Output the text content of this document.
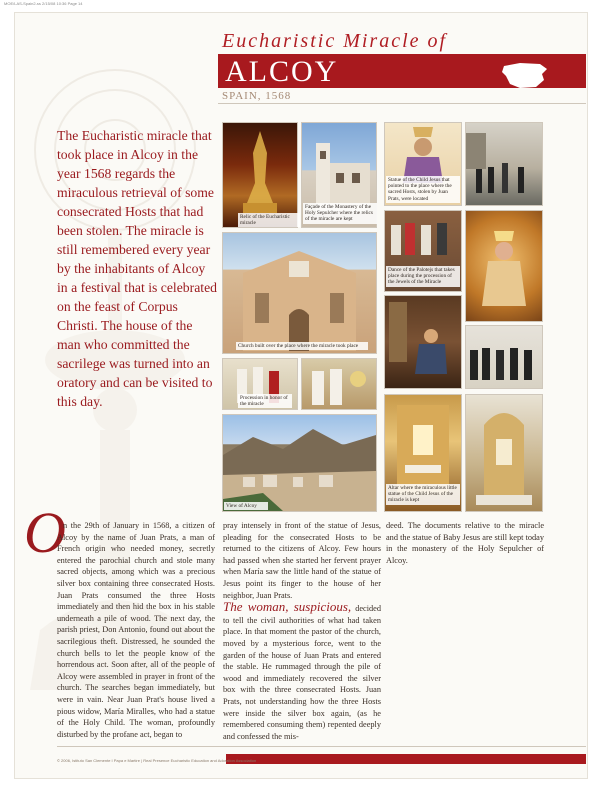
MOE/LAS-Spain2-ss 2/15/08 10:36 Page 14
Eucharistic Miracle of
ALCOY
SPAIN, 1568
The Eucharistic miracle that took place in Alcoy in the year 1568 regards the miraculous retrieval of some consecrated Hosts that had been stolen. The miracle is still remembered every year by the inhabitants of Alcoy in a festival that is celebrated on the feast of Corpus Christi. The house of the man who committed the sacrilege was turned into an oratory and can be visited to this day.
Relic of the Eucharistic miracle
Façade of the Monastery of the Holy Sepulcher where the relics of the miracle are kept
Statue of the Child Jesus that pointed to the place where the sacred Hosts, stolen by Juan Prats, were located
Church built over the place where the miracle took place
Dance of the Palotejs that takes place during the procession of the Jewels of the Miracle
Procession in honor of the miracle
View of Alcoy
Altar where the miraculous little statue of the Child Jesus of the miracle is kept
O
n the 29th of January in 1568, a citizen of Alcoy by the name of Juan Prats, a man of French origin who needed money, secretly entered the parochial church and stole many sacred objects, among which was a precious silver box containing three consecrated Hosts. Juan Prats consumed the three Hosts immediately and then hid the box in his stable underneath a pile of wood. The next day, the parish priest, Don Antonio, found out about the sacrilegious theft. Distressed, he sounded the church bells to let the people know of the horrendous act. Soon after, all of the people of Alcoy were assembled in prayer in front of the church. The searches began immediately, but were in vain. Near Juan Prat's house lived a pious widow, María Miralles, who had a statue of the Holy Child. The woman, profoundly disturbed by the profane act, began to
pray intensely in front of the statue of Jesus, pleading for the consecrated Hosts to be returned to the citizens of Alcoy. Few hours had passed when she started her fervent prayer when María saw the little hand of the statue of Jesus point its finger to the house of her neighbor, Juan Prats.
The woman, suspicious, decided to tell the civil authorities of what had taken place. In that moment the pastor of the church, moved by a mysterious force, went to the garden of the house of Juan Prats and entered the stable. He rummaged through the pile of wood and immediately recovered the silver box with the three consecrated Hosts. Juan Prats, not understanding how the three Hosts were inside the silver box again, (as he remembered consuming them) repented deeply and confessed the mis-
deed. The documents relative to the miracle and the statue of Baby Jesus are still kept today in the monastery of the Holy Sepulcher of Alcoy.
© 2006, Istituto San Clemente I Papa e Martire | Real Presence Eucharistic Education and Adoration Association
